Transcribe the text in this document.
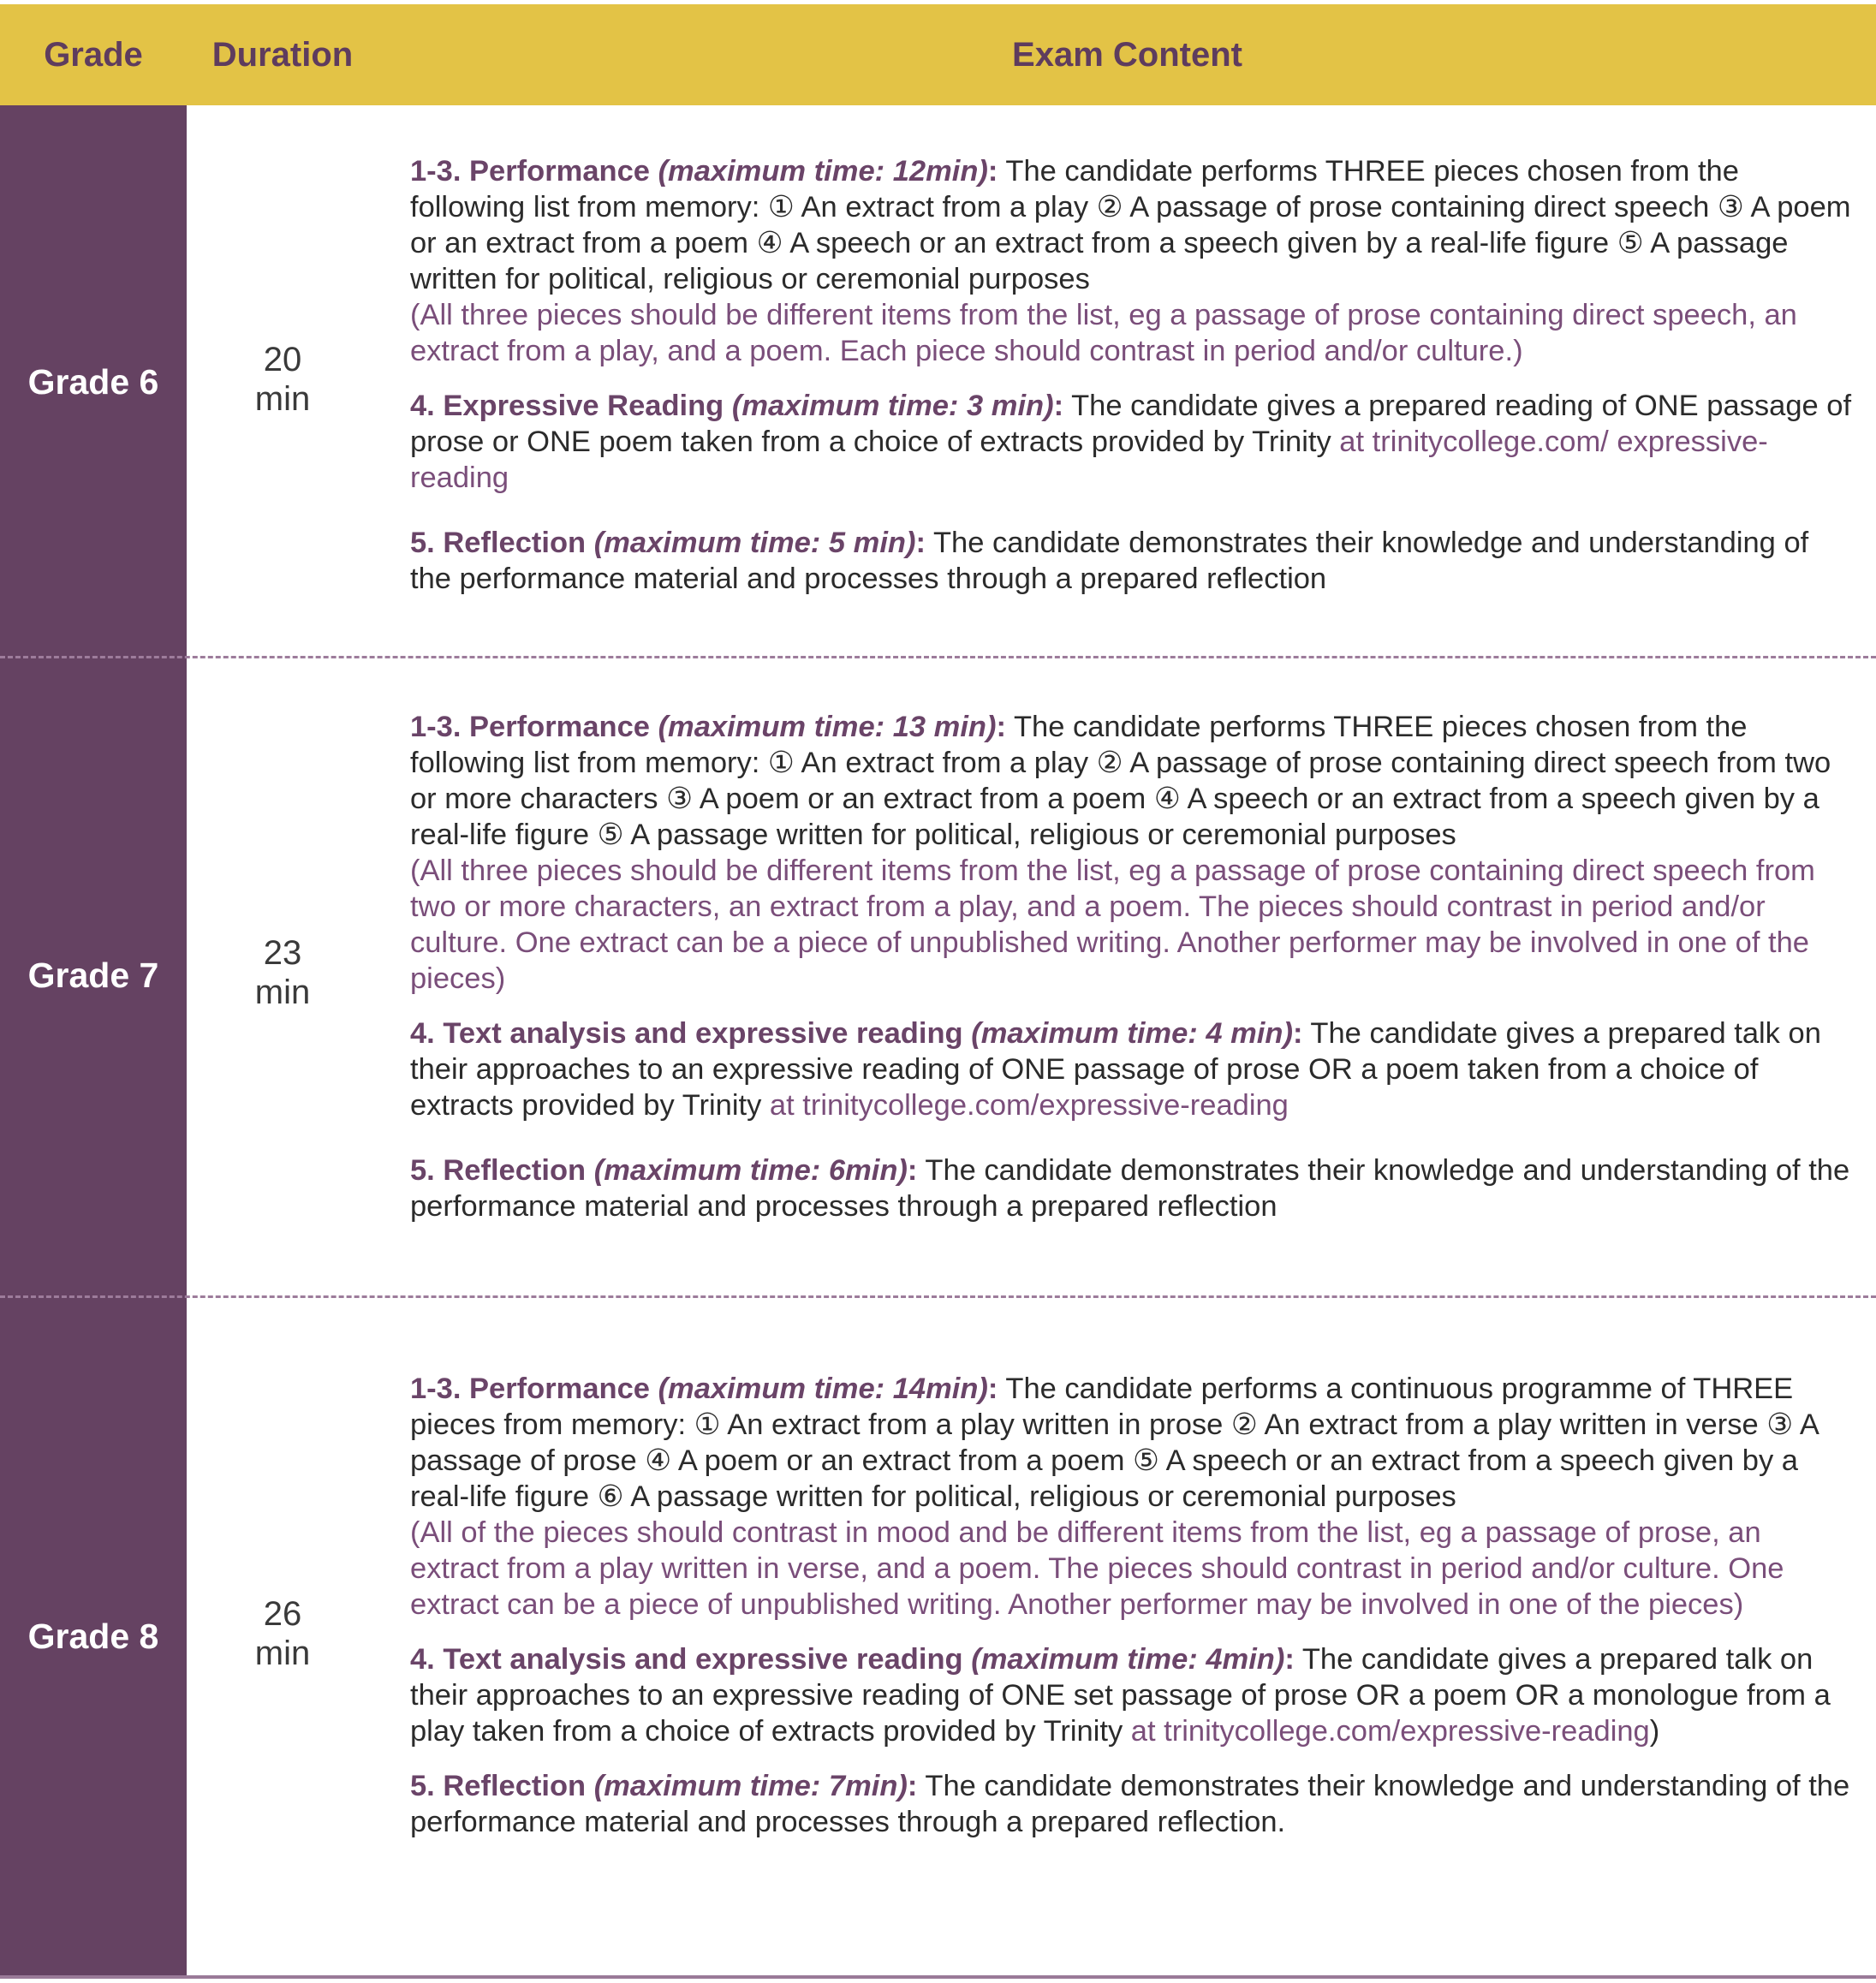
Grade	Duration	Exam Content
Grade 6
20
min

1-3. Performance (maximum time: 12min): The candidate performs THREE pieces chosen from the following list from memory: ① An extract from a play ② A passage of prose containing direct speech ③ A poem or an extract from a poem ④ A speech or an extract from a speech given by a real-life figure ⑤ A passage written for political, religious or ceremonial purposes
(All three pieces should be different items from the list, eg a passage of prose containing direct speech, an extract from a play, and a poem. Each piece should contrast in period and/or culture.)

4. Expressive Reading (maximum time: 3 min): The candidate gives a prepared reading of ONE passage of prose or ONE poem taken from a choice of extracts provided by Trinity at trinitycollege.com/ expressive-reading

5. Reflection (maximum time: 5 min): The candidate demonstrates their knowledge and understanding of the performance material and processes through a prepared reflection

Grade 7
23
min

1-3. Performance (maximum time: 13 min): The candidate performs THREE pieces chosen from the following list from memory: ① An extract from a play ② A passage of prose containing direct speech from two or more characters ③ A poem or an extract from a poem ④ A speech or an extract from a speech given by a real-life figure ⑤ A passage written for political, religious or ceremonial purposes
(All three pieces should be different items from the list, eg a passage of prose containing direct speech from two or more characters, an extract from a play, and a poem. The pieces should contrast in period and/or culture. One extract can be a piece of unpublished writing. Another performer may be involved in one of the pieces)

4. Text analysis and expressive reading (maximum time: 4 min): The candidate gives a prepared talk on their approaches to an expressive reading of ONE passage of prose OR a poem taken from a choice of extracts provided by Trinity at trinitycollege.com/expressive-reading

5. Reflection (maximum time: 6min): The candidate demonstrates their knowledge and understanding of the performance material and processes through a prepared reflection

Grade 8
26
min

1-3. Performance (maximum time: 14min): The candidate performs a continuous programme of THREE pieces from memory: ① An extract from a play written in prose ② An extract from a play written in verse ③ A passage of prose ④ A poem or an extract from a poem ⑤ A speech or an extract from a speech given by a real-life figure ⑥ A passage written for political, religious or ceremonial purposes
(All of the pieces should contrast in mood and be different items from the list, eg a passage of prose, an extract from a play written in verse, and a poem. The pieces should contrast in period and/or culture. One extract can be a piece of unpublished writing. Another performer may be involved in one of the pieces)

4. Text analysis and expressive reading (maximum time: 4min): The candidate gives a prepared talk on their approaches to an expressive reading of ONE set passage of prose OR a poem OR a monologue from a play taken from a choice of extracts provided by Trinity at trinitycollege.com/expressive-reading)

5. Reflection (maximum time: 7min): The candidate demonstrates their knowledge and understanding of the performance material and processes through a prepared reflection.
